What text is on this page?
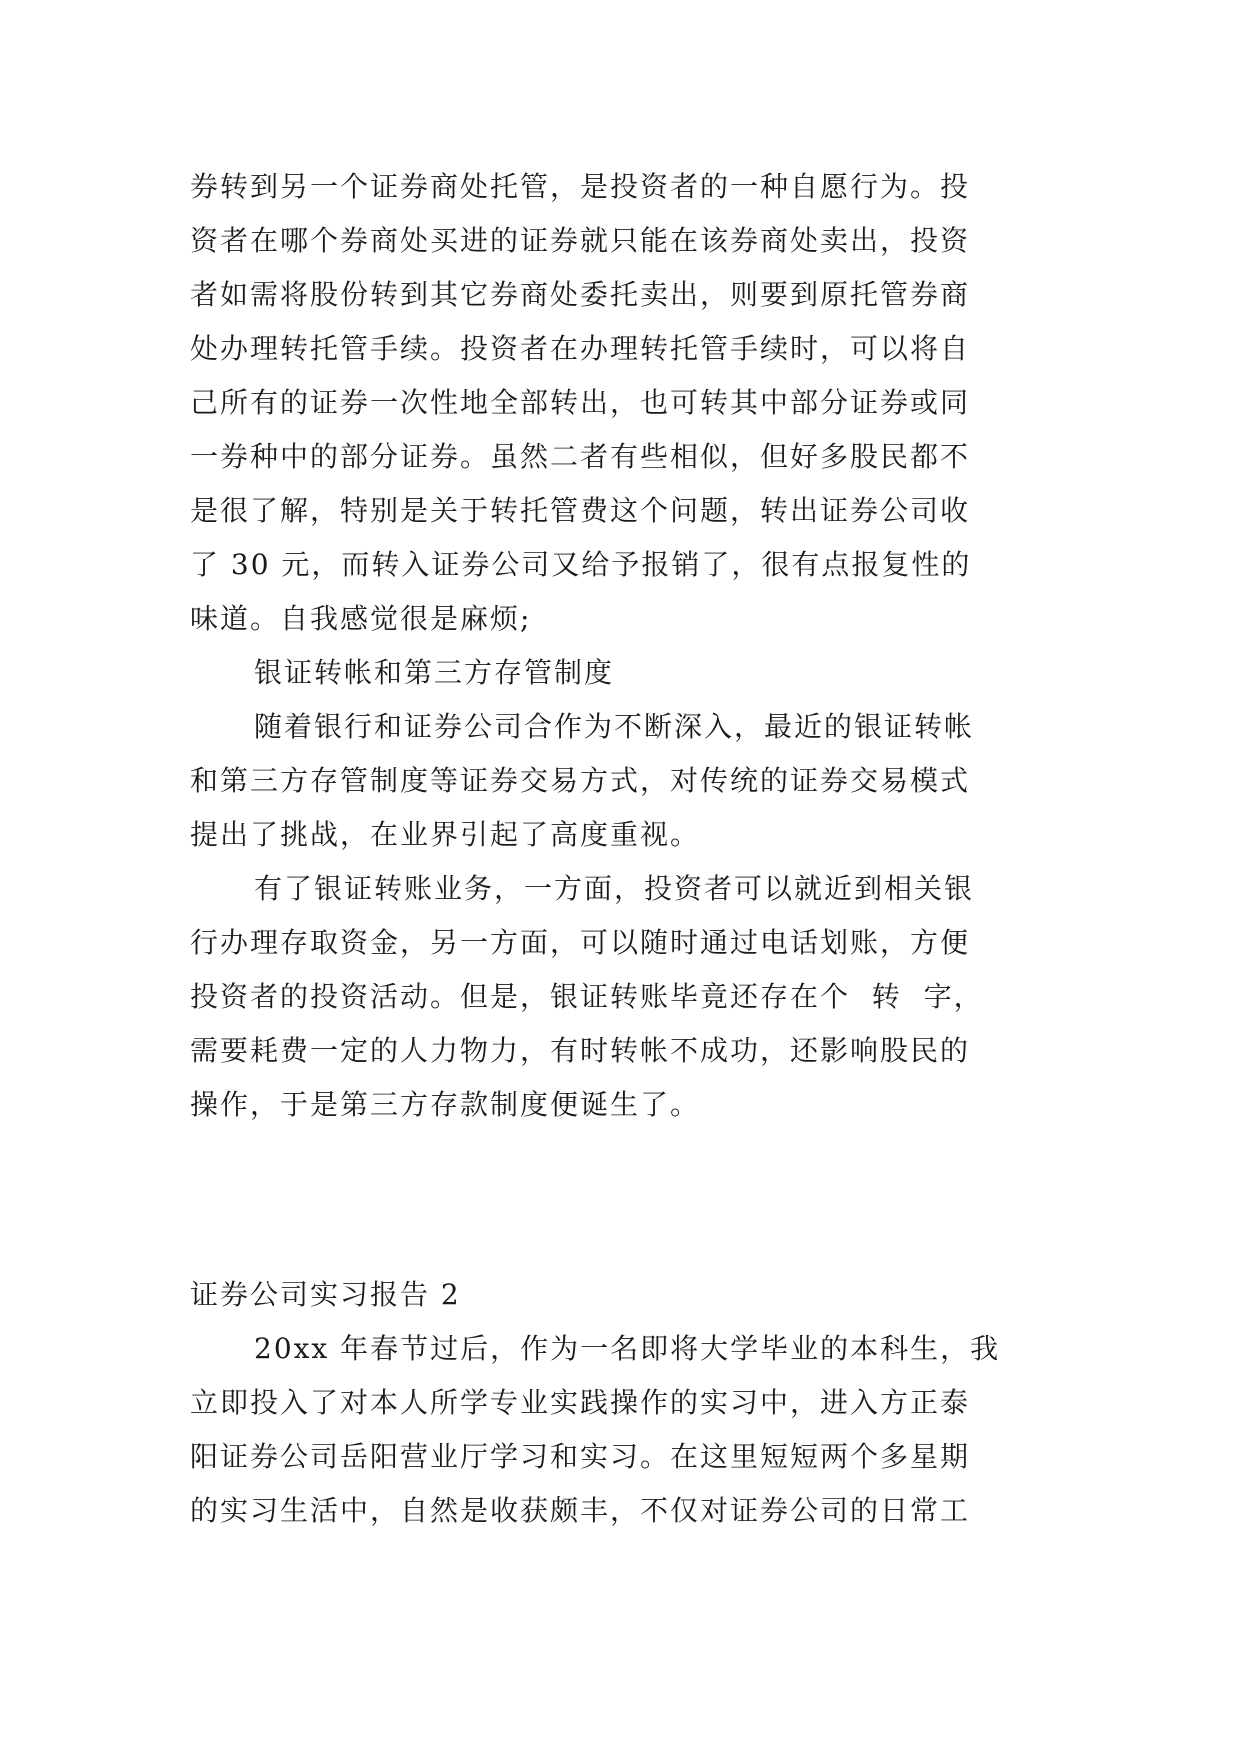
券转到另一个证券商处托管，是投资者的一种自愿行为。投
资者在哪个券商处买进的证券就只能在该券商处卖出，投资
者如需将股份转到其它券商处委托卖出，则要到原托管券商
处办理转托管手续。投资者在办理转托管手续时，可以将自
己所有的证券一次性地全部转出，也可转其中部分证券或同
一券种中的部分证券。虽然二者有些相似，但好多股民都不
是很了解，特别是关于转托管费这个问题，转出证券公司收
了 30 元，而转入证券公司又给予报销了，很有点报复性的
味道。自我感觉很是麻烦;
银证转帐和第三方存管制度
随着银行和证券公司合作为不断深入，最近的银证转帐
和第三方存管制度等证券交易方式，对传统的证券交易模式
提出了挑战，在业界引起了高度重视。
有了银证转账业务，一方面，投资者可以就近到相关银
行办理存取资金，另一方面，可以随时通过电话划账，方便
投资者的投资活动。但是，银证转账毕竟还存在个  转  字，
需要耗费一定的人力物力，有时转帐不成功，还影响股民的
操作，于是第三方存款制度便诞生了。
证券公司实习报告 2
20xx 年春节过后，作为一名即将大学毕业的本科生，我
立即投入了对本人所学专业实践操作的实习中，进入方正泰
阳证券公司岳阳营业厅学习和实习。在这里短短两个多星期
的实习生活中，自然是收获颇丰，不仅对证券公司的日常工
